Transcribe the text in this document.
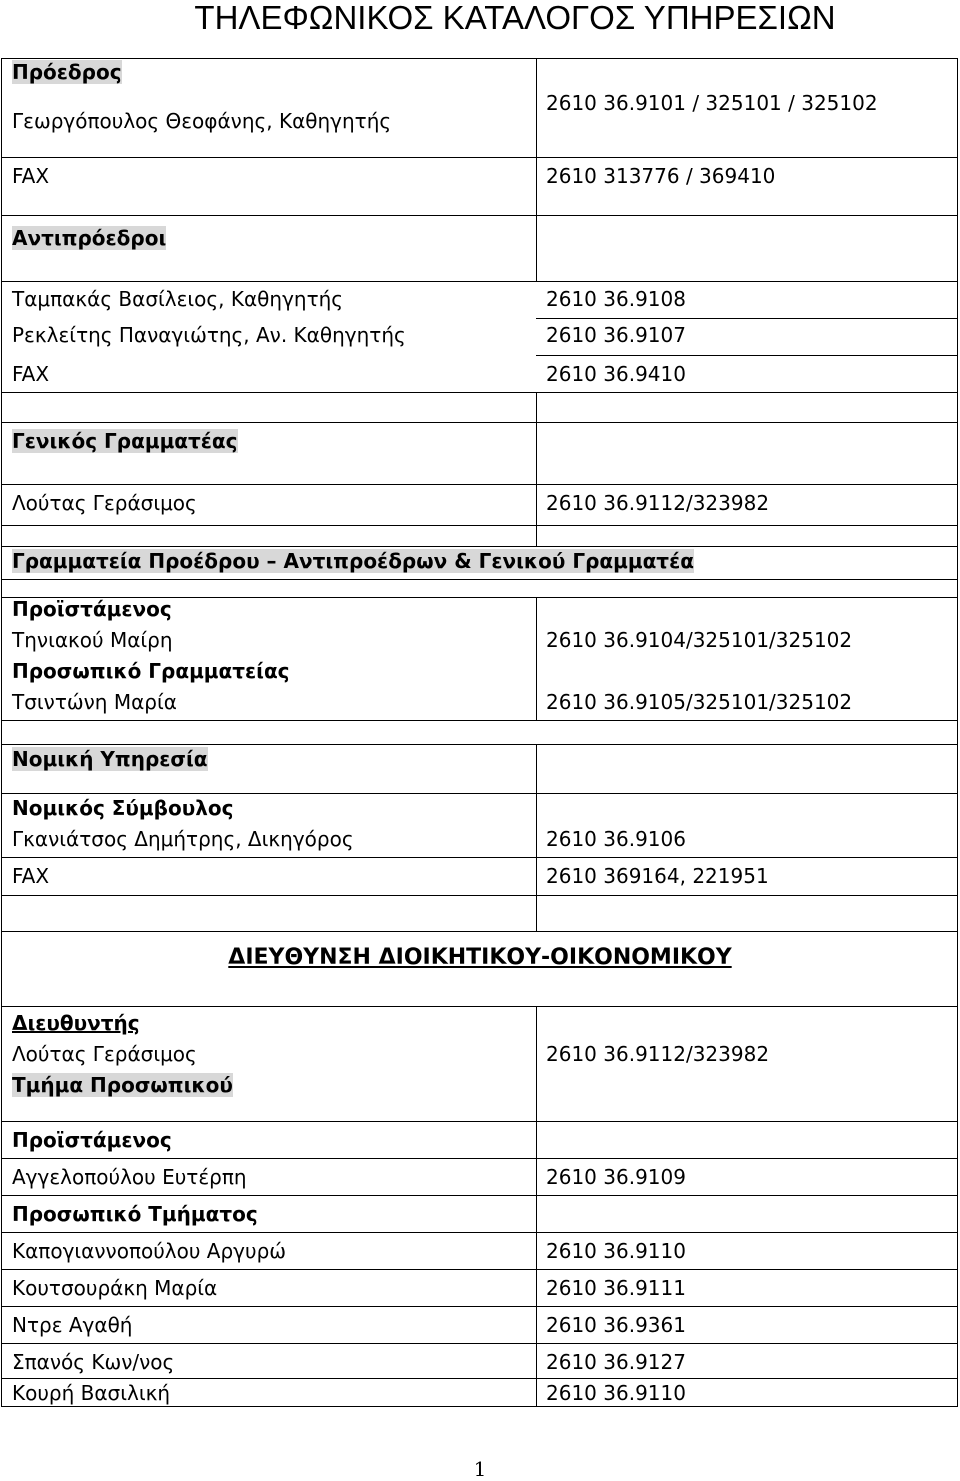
ΤΗΛΕΦΩΝΙΚΟΣ ΚΑΤΑΛΟΓΟΣ ΥΠΗΡΕΣΙΩΝ
Πρόεδρος
Γεωργόπουλος Θεοφάνης, Καθηγητής
2610 36.9101 / 325101 / 325102
FAX	2610 313776 / 369410
Αντιπρόεδροι
Ταμπακάς Βασίλειος, Καθηγητής	2610 36.9108
Ρεκλείτης Παναγιώτης, Αν. Καθηγητής	2610 36.9107
FAX	2610 36.9410
Γενικός Γραμματέας
Λούτας Γεράσιμος	2610 36.9112/323982
Γραμματεία Προέδρου – Αντιπροέδρων & Γενικού Γραμματέα
Προϊστάμενος
Τηνιακού Μαίρη	2610 36.9104/325101/325102
Προσωπικό Γραμματείας
Τσιντώνη Μαρία	2610 36.9105/325101/325102
Νομική Υπηρεσία
Νομικός Σύμβουλος
Γκανιάτσος Δημήτρης, Δικηγόρος	2610 36.9106
FAX	2610 369164, 221951
ΔΙΕΥΘΥΝΣΗ ΔΙΟΙΚΗΤΙΚΟΥ-ΟΙΚΟΝΟΜΙΚΟΥ
Διευθυντής
Λούτας Γεράσιμος	2610 36.9112/323982
Τμήμα Προσωπικού
Προϊστάμενος
Αγγελοπούλου Ευτέρπη	2610 36.9109
Προσωπικό Τμήματος
Καπογιαννοπούλου Αργυρώ	2610 36.9110
Κουτσουράκη Μαρία	2610 36.9111
Ντρε Αγαθή	2610 36.9361
Σπανός Κων/νος	2610 36.9127
Κουρή Βασιλική	2610 36.9110
1
